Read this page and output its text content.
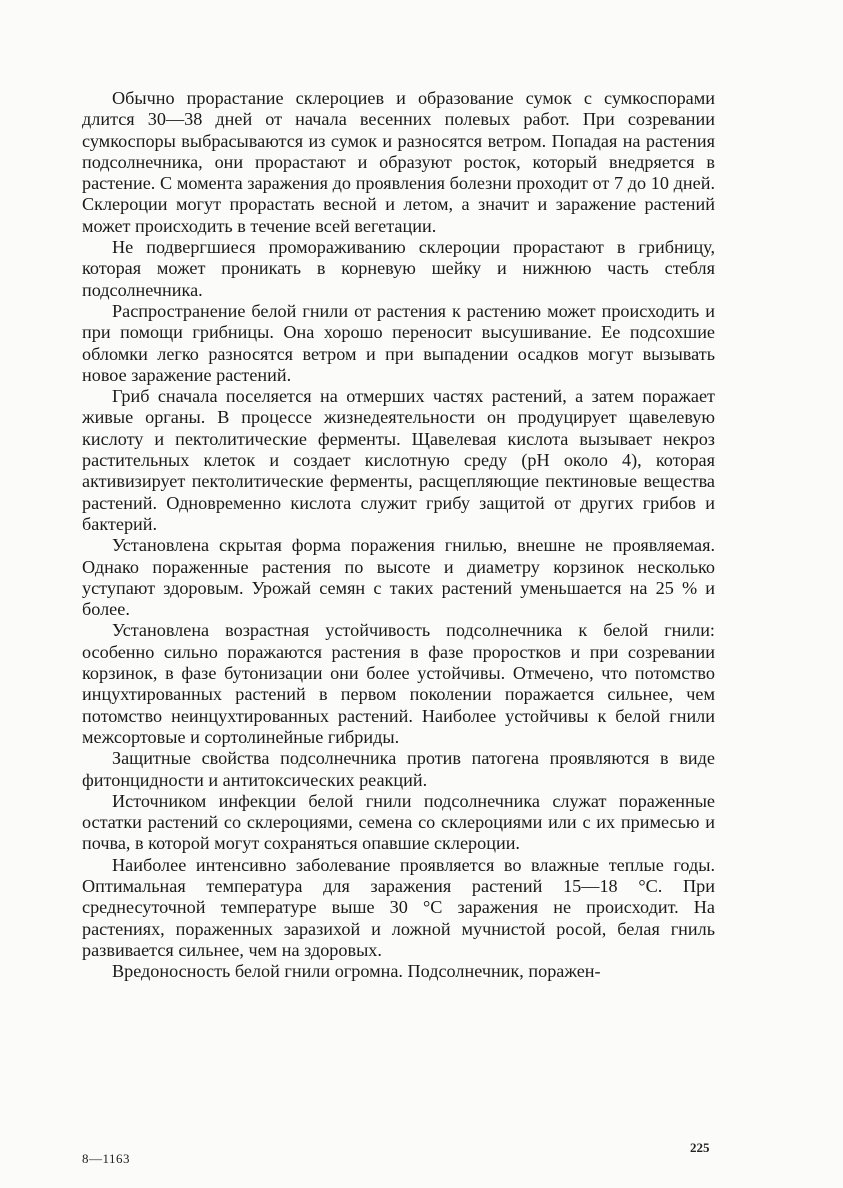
Обычно прорастание склероциев и образование сумок с сумкоспорами длится 30—38 дней от начала весенних полевых работ. При созревании сумкоспоры выбрасываются из сумок и разносятся ветром. Попадая на растения подсолнечника, они прорастают и образуют росток, который внедряется в растение. С момента заражения до проявления болезни проходит от 7 до 10 дней. Склероции могут прорастать весной и летом, а значит и заражение растений может происходить в течение всей вегетации.

Не подвергшиеся промораживанию склероции прорастают в грибницу, которая может проникать в корневую шейку и нижнюю часть стебля подсолнечника.

Распространение белой гнили от растения к растению может происходить и при помощи грибницы. Она хорошо переносит высушивание. Ее подсохшие обломки легко разносятся ветром и при выпадении осадков могут вызывать новое заражение растений.

Гриб сначала поселяется на отмерших частях растений, а затем поражает живые органы. В процессе жизнедеятельности он продуцирует щавелевую кислоту и пектолитические ферменты. Щавелевая кислота вызывает некроз растительных клеток и создает кислотную среду (pH около 4), которая активизирует пектолитические ферменты, расщепляющие пектиновые вещества растений. Одновременно кислота служит грибу защитой от других грибов и бактерий.

Установлена скрытая форма поражения гнилью, внешне не проявляемая. Однако пораженные растения по высоте и диаметру корзинок несколько уступают здоровым. Урожай семян с таких растений уменьшается на 25 % и более.

Установлена возрастная устойчивость подсолнечника к белой гнили: особенно сильно поражаются растения в фазе проростков и при созревании корзинок, в фазе бутонизации они более устойчивы. Отмечено, что потомство инцухтированных растений в первом поколении поражается сильнее, чем потомство неинцухтированных растений. Наиболее устойчивы к белой гнили межсортовые и сортолинейные гибриды.

Защитные свойства подсолнечника против патогена проявляются в виде фитонцидности и антитоксических реакций.

Источником инфекции белой гнили подсолнечника служат пораженные остатки растений со склероциями, семена со склероциями или с их примесью и почва, в которой могут сохраняться опавшие склероции.

Наиболее интенсивно заболевание проявляется во влажные теплые годы. Оптимальная температура для заражения растений 15—18 °С. При среднесуточной температуре выше 30 °С заражения не происходит. На растениях, пораженных заразихой и ложной мучнистой росой, белая гниль развивается сильнее, чем на здоровых.

Вредоносность белой гнили огромна. Подсолнечник, поражен-

8—1163
225
